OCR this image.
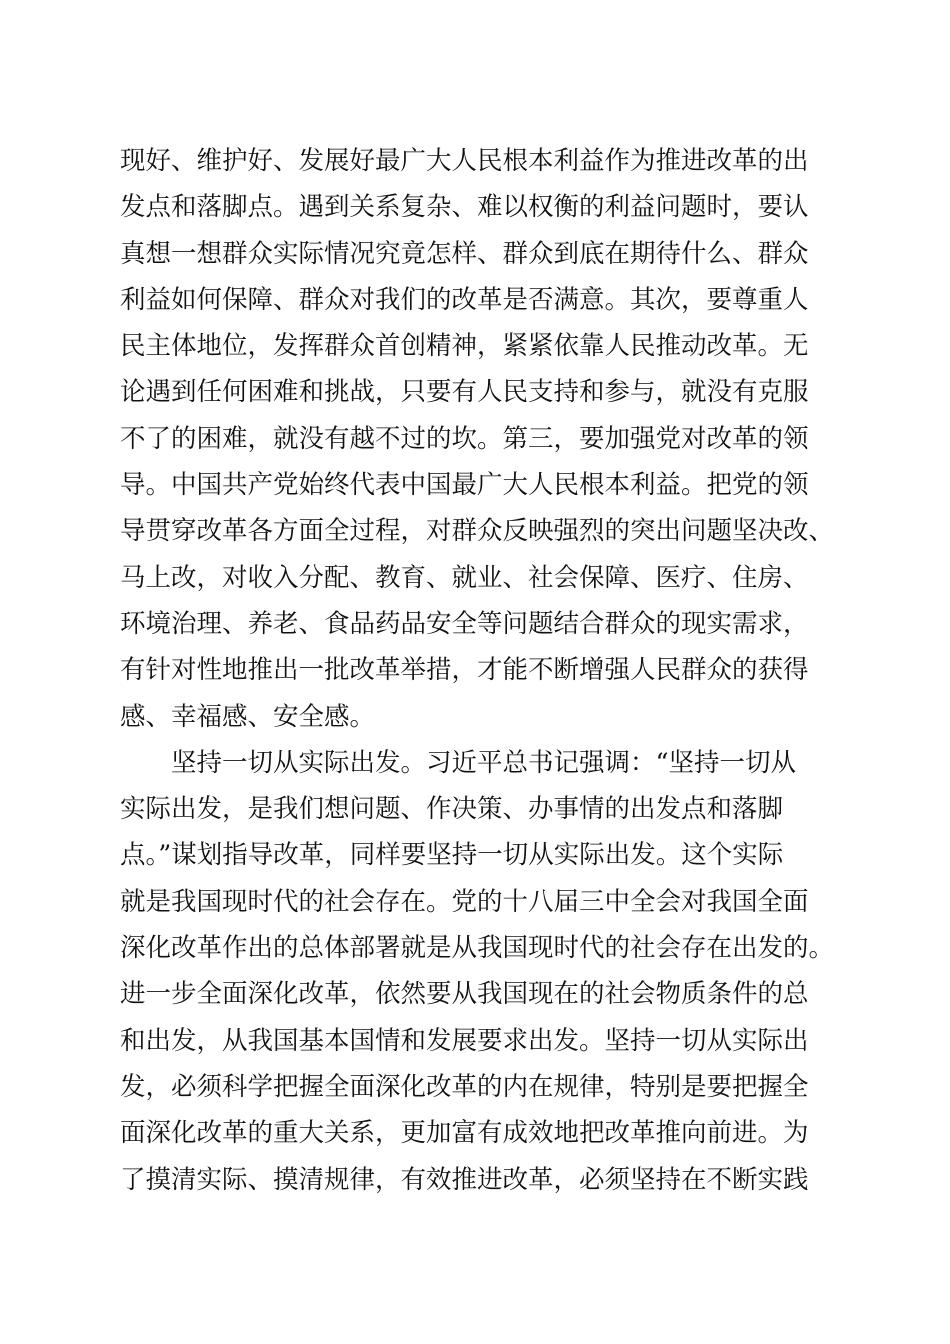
现好、维护好、发展好最广大人民根本利益作为推进改革的出
发点和落脚点。遇到关系复杂、难以权衡的利益问题时，要认
真想一想群众实际情况究竟怎样、群众到底在期待什么、群众
利益如何保障、群众对我们的改革是否满意。其次，要尊重人
民主体地位，发挥群众首创精神，紧紧依靠人民推动改革。无
论遇到任何困难和挑战，只要有人民支持和参与，就没有克服
不了的困难，就没有越不过的坎。第三，要加强党对改革的领
导。中国共产党始终代表中国最广大人民根本利益。把党的领
导贯穿改革各方面全过程，对群众反映强烈的突出问题坚决改、
马上改，对收入分配、教育、就业、社会保障、医疗、住房、
环境治理、养老、食品药品安全等问题结合群众的现实需求，
有针对性地推出一批改革举措，才能不断增强人民群众的获得
感、幸福感、安全感。
坚持一切从实际出发。习近平总书记强调：“坚持一切从
实际出发，是我们想问题、作决策、办事情的出发点和落脚
点。”谋划指导改革，同样要坚持一切从实际出发。这个实际
就是我国现时代的社会存在。党的十八届三中全会对我国全面
深化改革作出的总体部署就是从我国现时代的社会存在出发的。
进一步全面深化改革，依然要从我国现在的社会物质条件的总
和出发，从我国基本国情和发展要求出发。坚持一切从实际出
发，必须科学把握全面深化改革的内在规律，特别是要把握全
面深化改革的重大关系，更加富有成效地把改革推向前进。为
了摸清实际、摸清规律，有效推进改革，必须坚持在不断实践
